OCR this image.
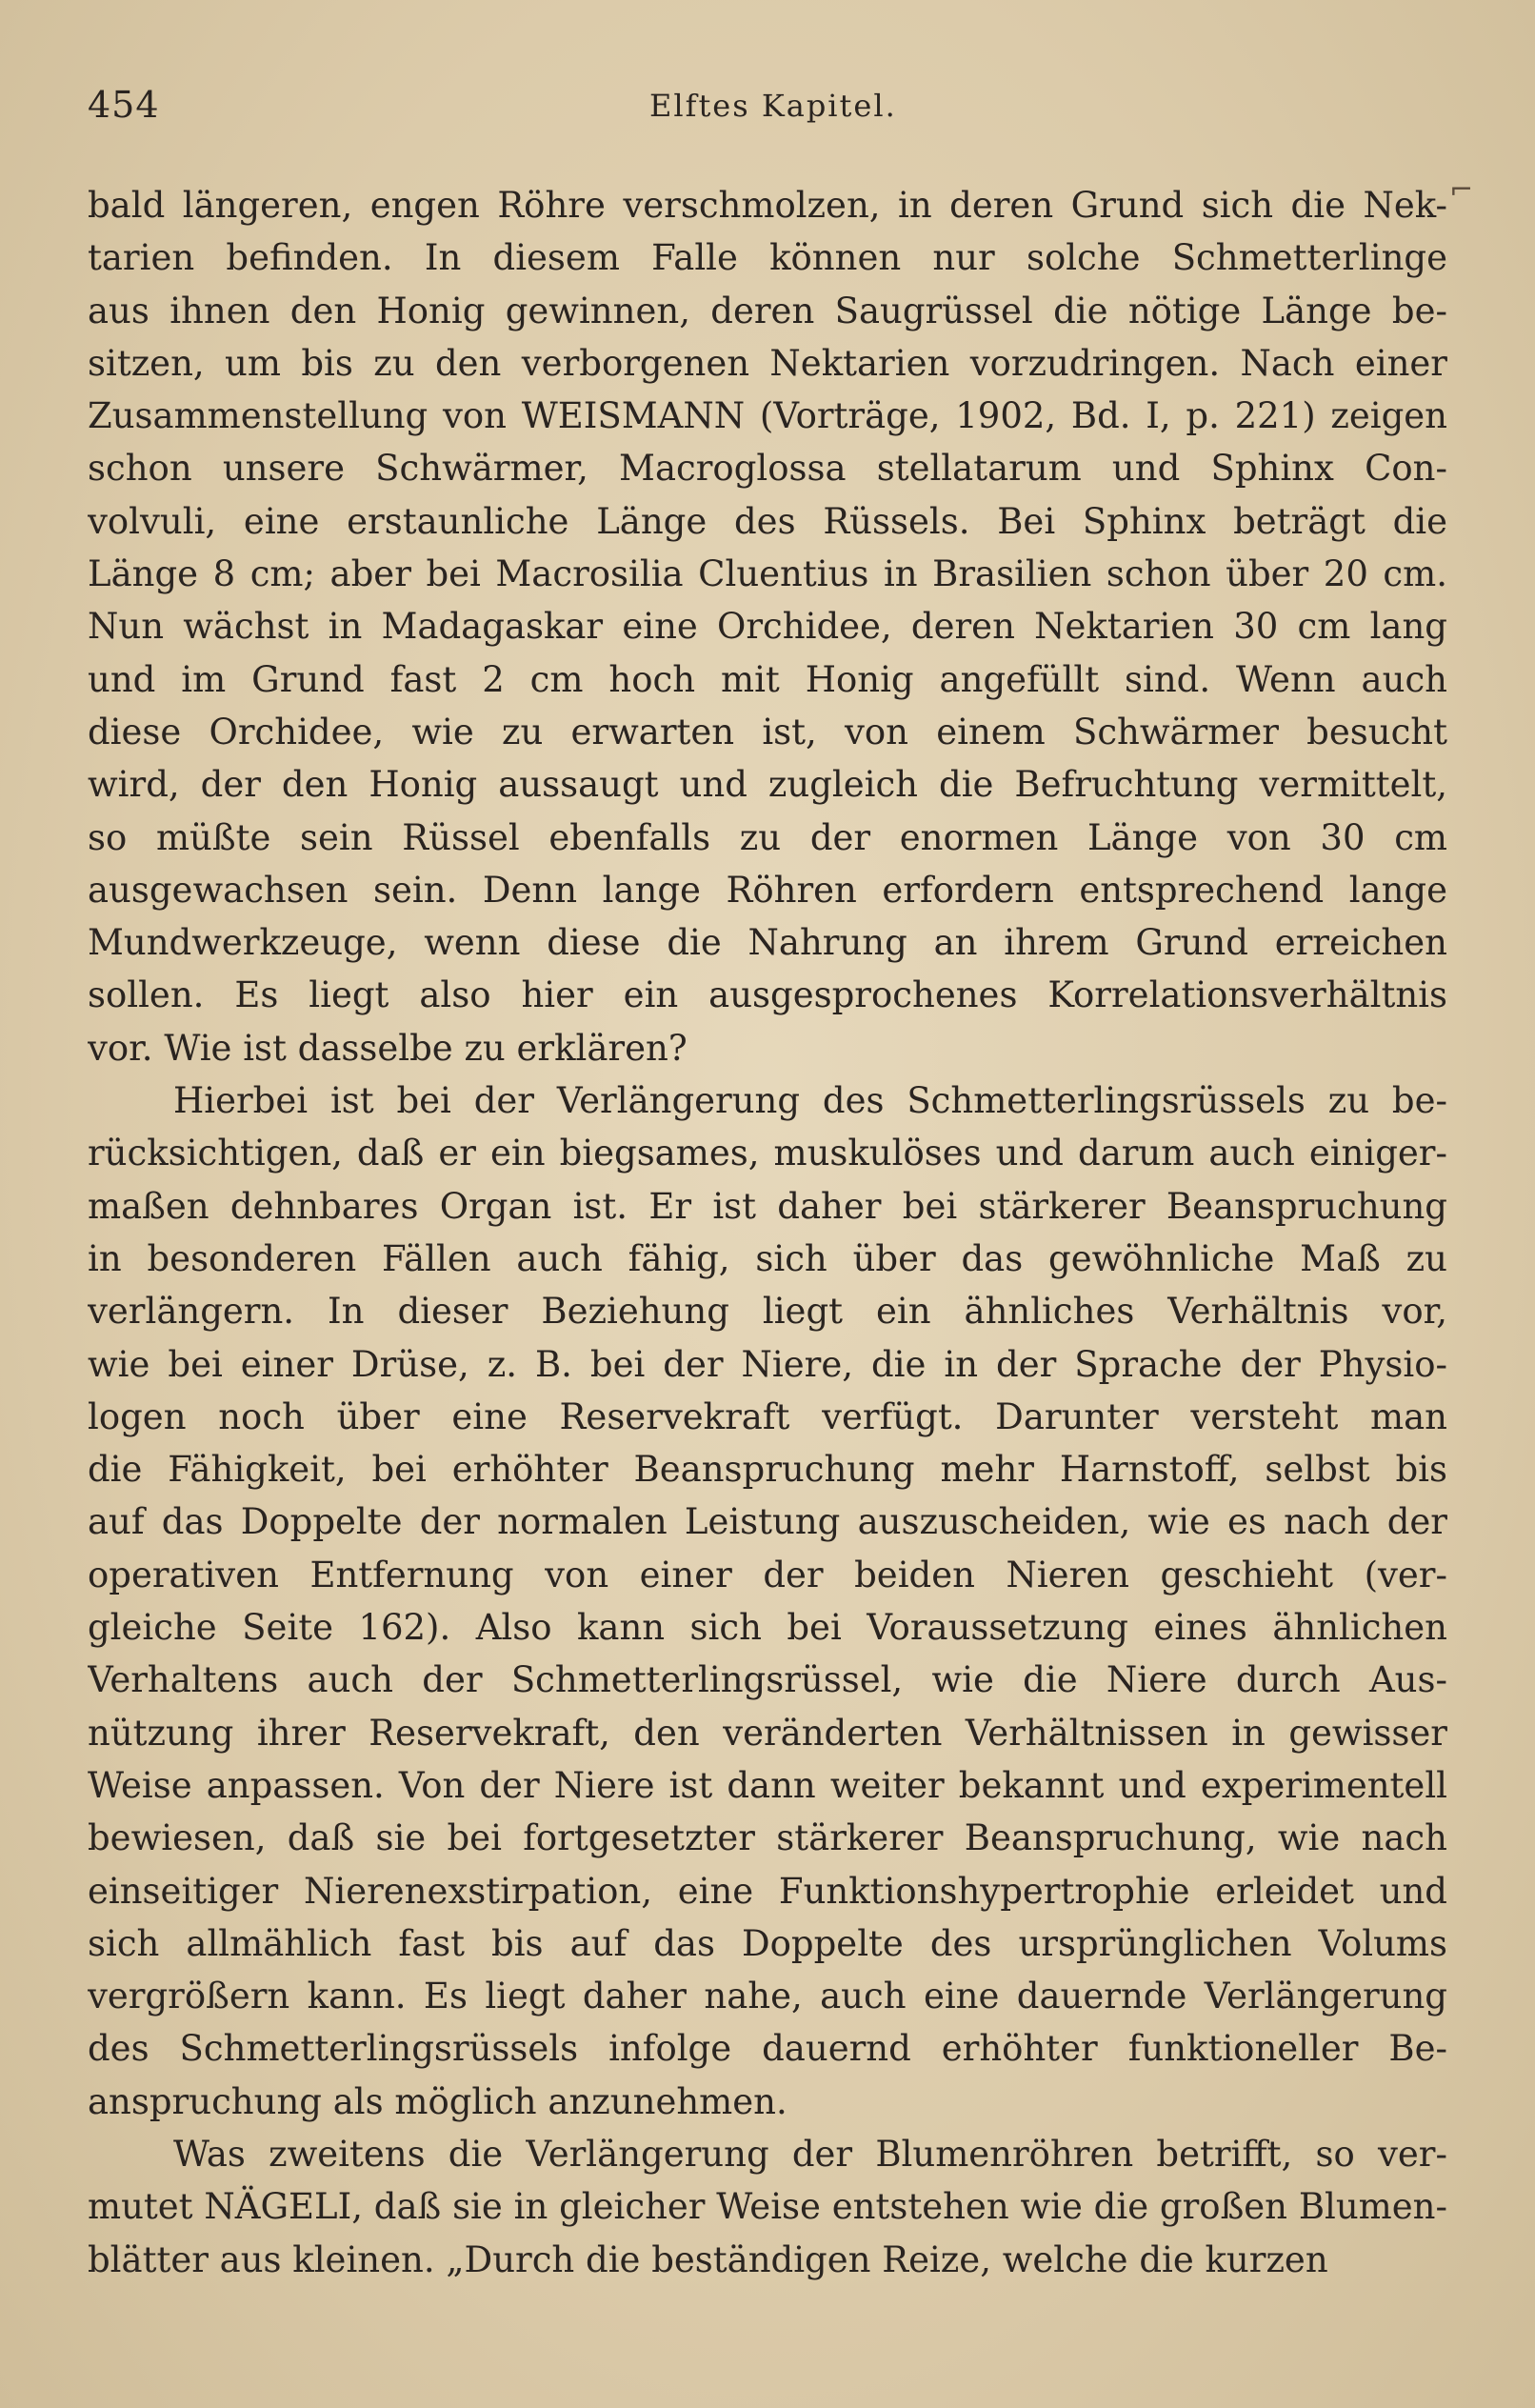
454	Elftes Kapitel.
⌐
bald längeren, engen Röhre verschmolzen, in deren Grund sich die Nek-
tarien befinden. In diesem Falle können nur solche Schmetterlinge
aus ihnen den Honig gewinnen, deren Saugrüssel die nötige Länge be-
sitzen, um bis zu den verborgenen Nektarien vorzudringen. Nach einer
Zusammenstellung von WEISMANN (Vorträge, 1902, Bd. I, p. 221) zeigen
schon unsere Schwärmer, Macroglossa stellatarum und Sphinx Con-
volvuli, eine erstaunliche Länge des Rüssels. Bei Sphinx beträgt die
Länge 8 cm; aber bei Macrosilia Cluentius in Brasilien schon über 20 cm.
Nun wächst in Madagaskar eine Orchidee, deren Nektarien 30 cm lang
und im Grund fast 2 cm hoch mit Honig angefüllt sind. Wenn auch
diese Orchidee, wie zu erwarten ist, von einem Schwärmer besucht
wird, der den Honig aussaugt und zugleich die Befruchtung vermittelt,
so müßte sein Rüssel ebenfalls zu der enormen Länge von 30 cm
ausgewachsen sein. Denn lange Röhren erfordern entsprechend lange
Mundwerkzeuge, wenn diese die Nahrung an ihrem Grund erreichen
sollen. Es liegt also hier ein ausgesprochenes Korrelationsverhältnis
vor. Wie ist dasselbe zu erklären?
Hierbei ist bei der Verlängerung des Schmetterlingsrüssels zu be-
rücksichtigen, daß er ein biegsames, muskulöses und darum auch einiger-
maßen dehnbares Organ ist. Er ist daher bei stärkerer Beanspruchung
in besonderen Fällen auch fähig, sich über das gewöhnliche Maß zu
verlängern. In dieser Beziehung liegt ein ähnliches Verhältnis vor,
wie bei einer Drüse, z. B. bei der Niere, die in der Sprache der Physio-
logen noch über eine Reservekraft verfügt. Darunter versteht man
die Fähigkeit, bei erhöhter Beanspruchung mehr Harnstoff, selbst bis
auf das Doppelte der normalen Leistung auszuscheiden, wie es nach der
operativen Entfernung von einer der beiden Nieren geschieht (ver-
gleiche Seite 162). Also kann sich bei Voraussetzung eines ähnlichen
Verhaltens auch der Schmetterlingsrüssel, wie die Niere durch Aus-
nützung ihrer Reservekraft, den veränderten Verhältnissen in gewisser
Weise anpassen. Von der Niere ist dann weiter bekannt und experimentell
bewiesen, daß sie bei fortgesetzter stärkerer Beanspruchung, wie nach
einseitiger Nierenexstirpation, eine Funktionshypertrophie erleidet und
sich allmählich fast bis auf das Doppelte des ursprünglichen Volums
vergrößern kann. Es liegt daher nahe, auch eine dauernde Verlängerung
des Schmetterlingsrüssels infolge dauernd erhöhter funktioneller Be-
anspruchung als möglich anzunehmen.
Was zweitens die Verlängerung der Blumenröhren betrifft, so ver-
mutet NÄGELI, daß sie in gleicher Weise entstehen wie die großen Blumen-
blätter aus kleinen. „Durch die beständigen Reize, welche die kurzen
